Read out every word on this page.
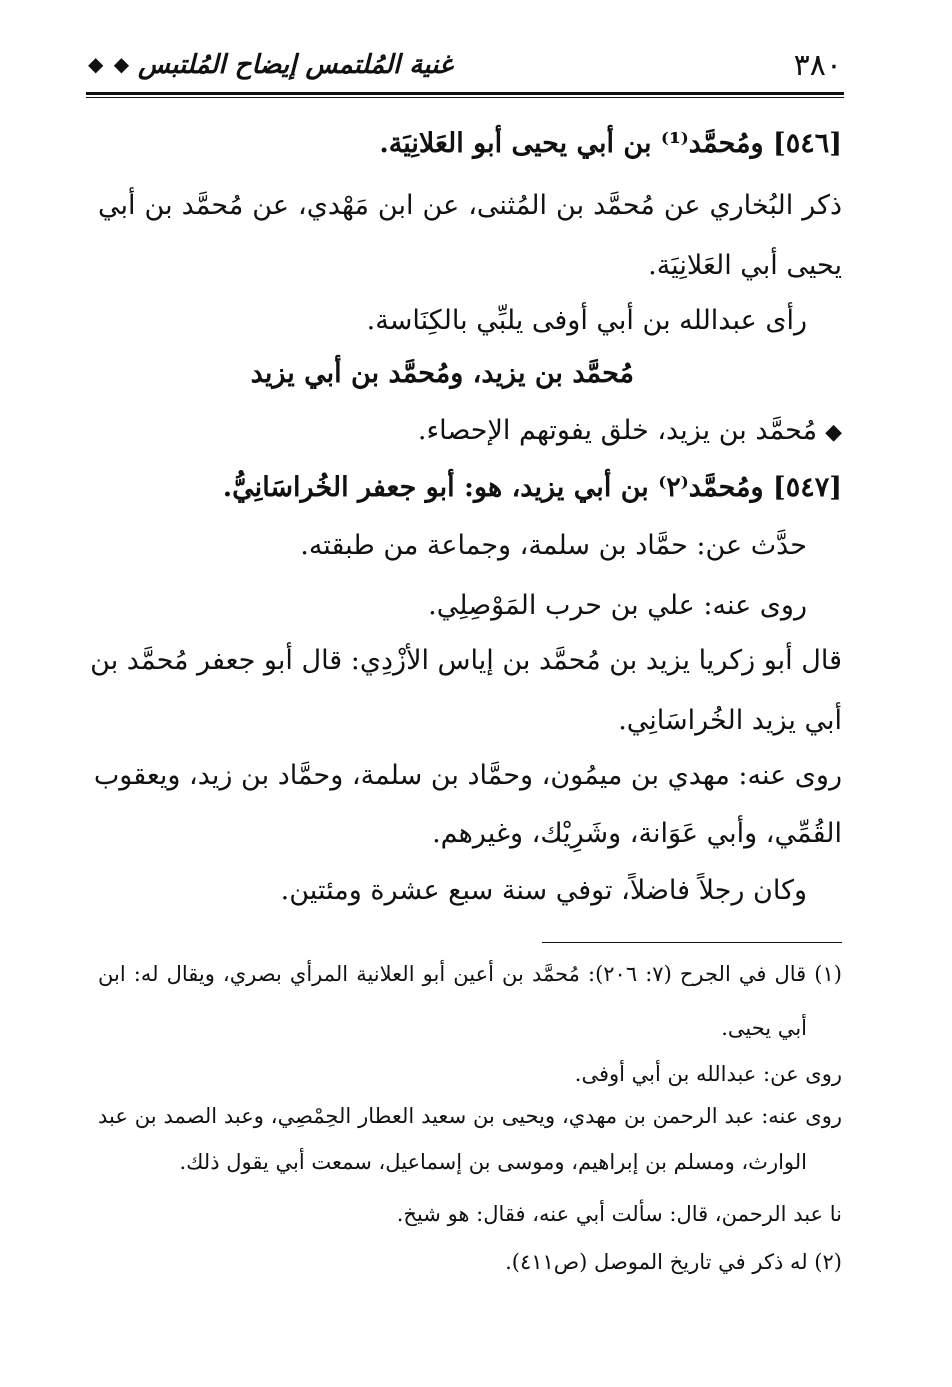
٣٨٠
غنية المُلتمس إيضاح المُلتبس
◆ ◆
[٥٤٦] ومُحمَّد⁽¹⁾ بن أبي يحيى أبو العَلانِيَة.
ذكر البُخاري عن مُحمَّد بن المُثنى، عن ابن مَهْدي، عن مُحمَّد بن أبي
يحيى أبي العَلانِيَة.
رأى عبدالله بن أبي أوفى يلبِّي بالكِنَاسة.
مُحمَّد بن يزيد، ومُحمَّد بن أبي يزيد
◆مُحمَّد بن يزيد، خلق يفوتهم الإحصاء.
[٥٤٧] ومُحمَّد⁽٢⁾ بن أبي يزيد، هو: أبو جعفر الخُراسَانِيُّ.
حدَّث عن: حمَّاد بن سلمة، وجماعة من طبقته.
روى عنه: علي بن حرب المَوْصِلِي.
قال أبو زكريا يزيد بن مُحمَّد بن إياس الأزْدِي: قال أبو جعفر مُحمَّد بن
أبي يزيد الخُراسَانِي.
روى عنه: مهدي بن ميمُون، وحمَّاد بن سلمة، وحمَّاد بن زيد، ويعقوب
القُمِّي، وأبي عَوَانة، وشَرِيْك، وغيرهم.
وكان رجلاً فاضلاً، توفي سنة سبع عشرة ومئتين.
(١) قال في الجرح (٧: ٢٠٦): مُحمَّد بن أعين أبو العلانية المرأي بصري، ويقال له: ابن
أبي يحيى.
روى عن: عبدالله بن أبي أوفى.
روى عنه: عبد الرحمن بن مهدي، ويحيى بن سعيد العطار الحِمْصِي، وعبد الصمد بن عبد
الوارث، ومسلم بن إبراهيم، وموسى بن إسماعيل، سمعت أبي يقول ذلك.
نا عبد الرحمن، قال: سألت أبي عنه، فقال: هو شيخ.
(٢) له ذكر في تاريخ الموصل (ص٤١١).
